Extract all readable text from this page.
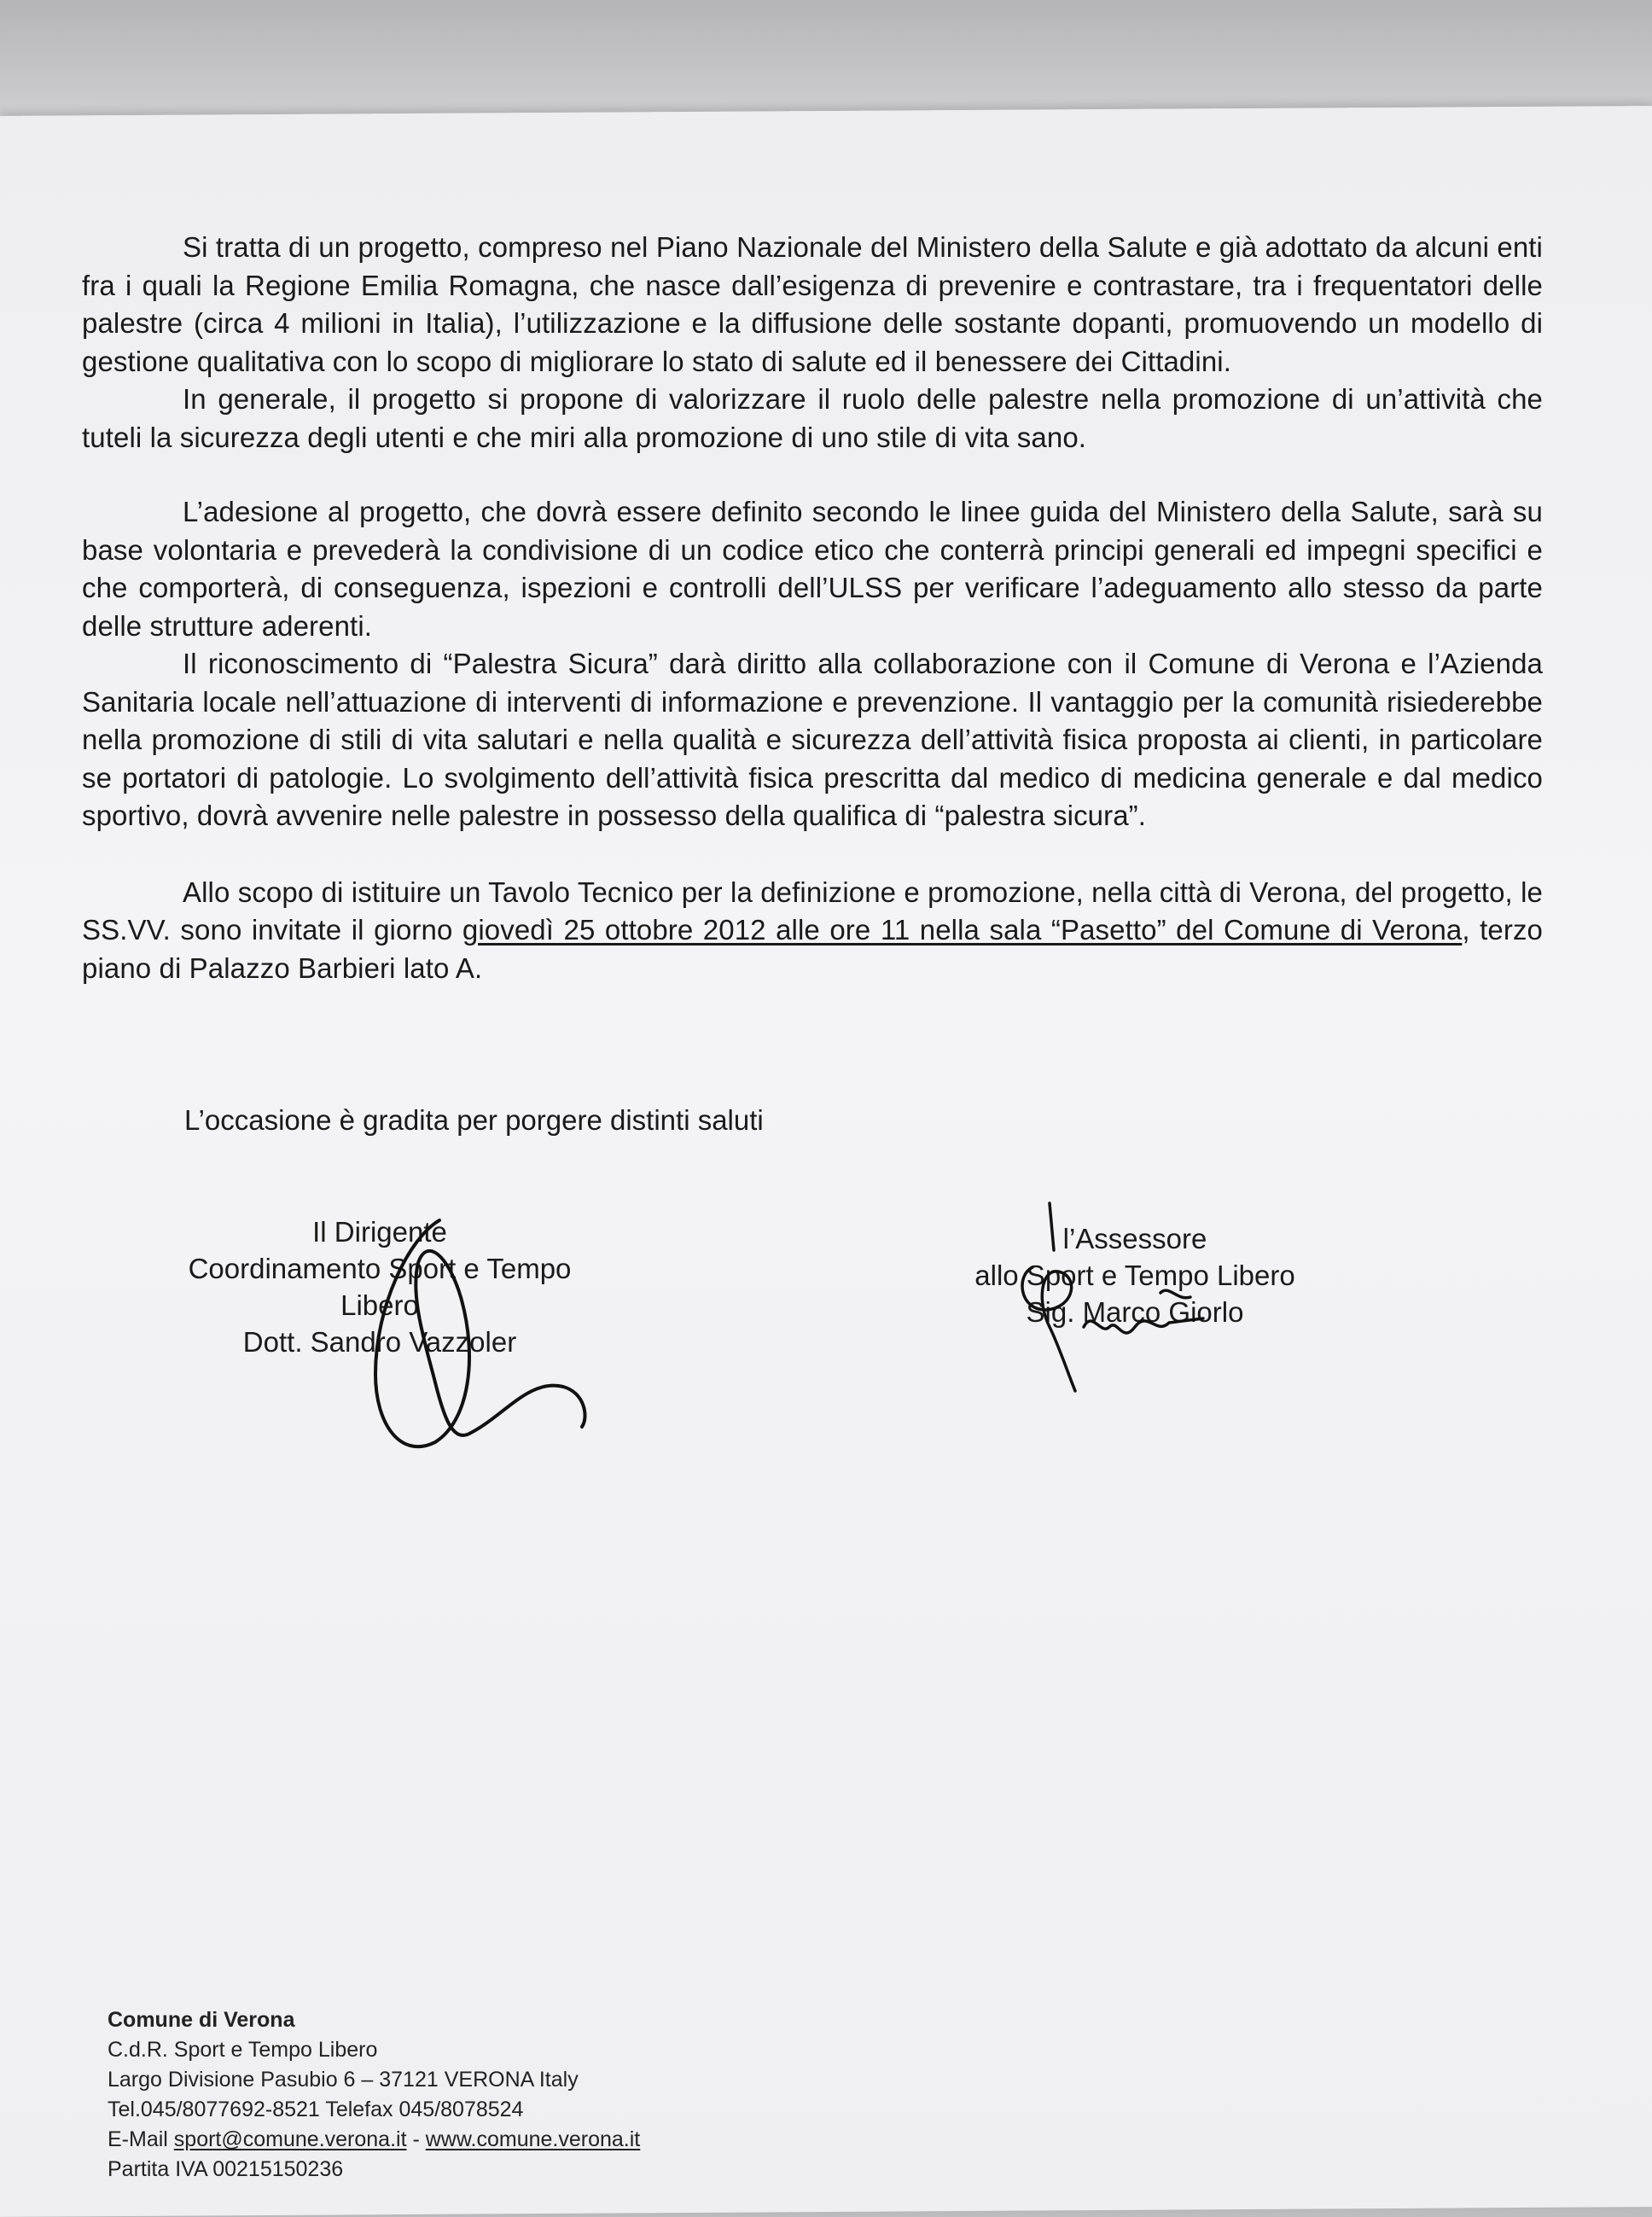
Si tratta di un progetto, compreso nel Piano Nazionale del Ministero della Salute e già adottato da alcuni enti fra i quali la Regione Emilia Romagna, che nasce dall’esigenza di prevenire e contrastare, tra i frequentatori delle palestre (circa 4 milioni in Italia), l’utilizzazione e la diffusione delle sostante dopanti, promuovendo un modello di gestione qualitativa con lo scopo di migliorare lo stato di salute ed il benessere dei Cittadini.

In generale, il progetto si propone di valorizzare il ruolo delle palestre nella promozione di un’attività che tuteli la sicurezza degli utenti e che miri alla promozione di uno stile di vita sano.

L’adesione al progetto, che dovrà essere definito secondo le linee guida del Ministero della Salute, sarà su base volontaria e prevederà la condivisione di un codice etico che conterrà principi generali ed impegni specifici e che comporterà, di conseguenza, ispezioni e controlli dell’ULSS per verificare l’adeguamento allo stesso da parte delle strutture aderenti.

Il riconoscimento di “Palestra Sicura” darà diritto alla collaborazione con il Comune di Verona e l’Azienda Sanitaria locale nell’attuazione di interventi di informazione e prevenzione. Il vantaggio per la comunità risiederebbe nella promozione di stili di vita salutari e nella qualità e sicurezza dell’attività fisica proposta ai clienti, in particolare se portatori di patologie. Lo svolgimento dell’attività fisica prescritta dal medico di medicina generale e dal medico sportivo, dovrà avvenire nelle palestre in possesso della qualifica di “palestra sicura”.

Allo scopo di istituire un Tavolo Tecnico per la definizione e promozione, nella città di Verona, del progetto, le SS.VV. sono invitate il giorno giovedì 25 ottobre 2012 alle ore 11 nella sala “Pasetto” del Comune di Verona, terzo piano di Palazzo Barbieri lato A.

L’occasione è gradita per porgere distinti saluti
Il Dirigente
Coordinamento Sport e Tempo Libero
Dott. Sandro Vazzoler
l’Assessore
allo Sport e Tempo Libero
Sig. Marco Giorlo
Comune di Verona
C.d.R. Sport e Tempo Libero
Largo Divisione Pasubio 6 – 37121 VERONA Italy
Tel.045/8077692-8521 Telefax 045/8078524
E-Mail sport@comune.verona.it - www.comune.verona.it
Partita IVA 00215150236
